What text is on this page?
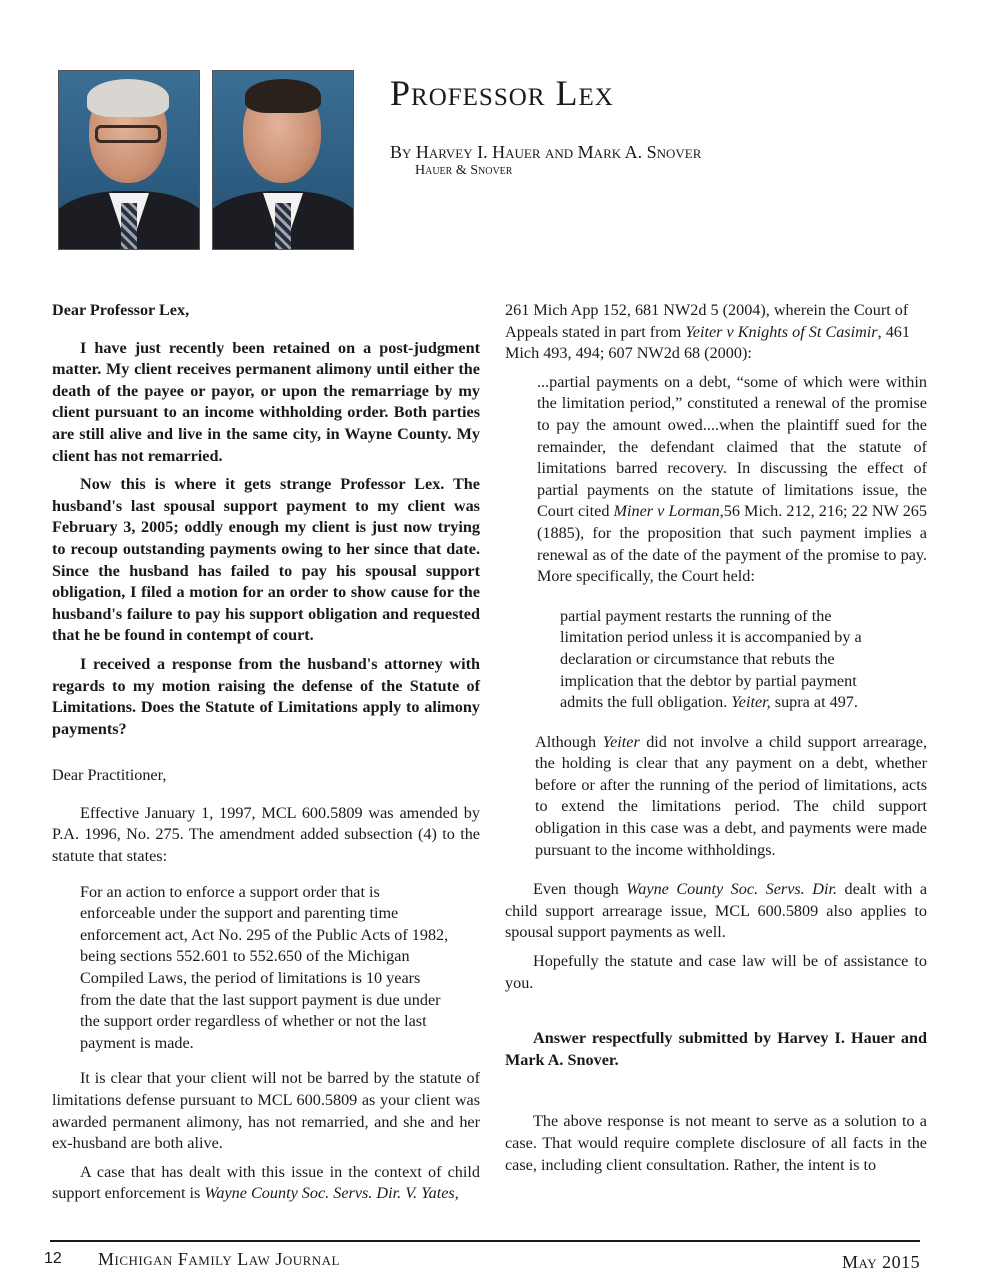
Professor Lex
By Harvey I. Hauer and Mark A. Snover
Hauer & Snover

Dear Professor Lex,

I have just recently been retained on a post-judgment matter. My client receives permanent alimony until either the death of the payee or payor, or upon the remarriage by my client pursuant to an income withholding order. Both parties are still alive and live in the same city, in Wayne County. My client has not remarried.

Now this is where it gets strange Professor Lex. The husband's last spousal support payment to my client was February 3, 2005; oddly enough my client is just now trying to recoup outstanding payments owing to her since that date. Since the husband has failed to pay his spousal support obligation, I filed a motion for an order to show cause for the husband's failure to pay his support obligation and requested that he be found in contempt of court.

I received a response from the husband's attorney with regards to my motion raising the defense of the Statute of Limitations. Does the Statute of Limitations apply to alimony payments?

Dear Practitioner,

Effective January 1, 1997, MCL 600.5809 was amended by P.A. 1996, No. 275. The amendment added subsection (4) to the statute that states:

For an action to enforce a support order that is enforceable under the support and parenting time enforcement act, Act No. 295 of the Public Acts of 1982, being sections 552.601 to 552.650 of the Michigan Compiled Laws, the period of limitations is 10 years from the date that the last support payment is due under the support order regardless of whether or not the last payment is made.

It is clear that your client will not be barred by the statute of limitations defense pursuant to MCL 600.5809 as your client was awarded permanent alimony, has not remarried, and she and her ex-husband are both alive.

A case that has dealt with this issue in the context of child support enforcement is Wayne County Soc. Servs. Dir. V. Yates,

261 Mich App 152, 681 NW2d 5 (2004), wherein the Court of Appeals stated in part from Yeiter v Knights of St Casimir, 461 Mich 493, 494; 607 NW2d 68 (2000):

...partial payments on a debt, “some of which were within the limitation period,” constituted a renewal of the promise to pay the amount owed....when the plaintiff sued for the remainder, the defendant claimed that the statute of limitations barred recovery. In discussing the effect of partial payments on the statute of limitations issue, the Court cited Miner v Lorman,56 Mich. 212, 216; 22 NW 265 (1885), for the proposition that such payment implies a renewal as of the date of the payment of the promise to pay. More specifically, the Court held:

partial payment restarts the running of the limitation period unless it is accompanied by a declaration or circumstance that rebuts the implication that the debtor by partial payment admits the full obligation. Yeiter, supra at 497.

Although Yeiter did not involve a child support arrearage, the holding is clear that any payment on a debt, whether before or after the running of the period of limitations, acts to extend the limitations period. The child support obligation in this case was a debt, and payments were made pursuant to the income withholdings.

Even though Wayne County Soc. Servs. Dir. dealt with a child support arrearage issue, MCL 600.5809 also applies to spousal support payments as well.

Hopefully the statute and case law will be of assistance to you.

Answer respectfully submitted by Harvey I. Hauer and Mark A. Snover.

The above response is not meant to serve as a solution to a case. That would require complete disclosure of all facts in the case, including client consultation. Rather, the intent is to

12 Michigan Family Law Journal	May 2015
